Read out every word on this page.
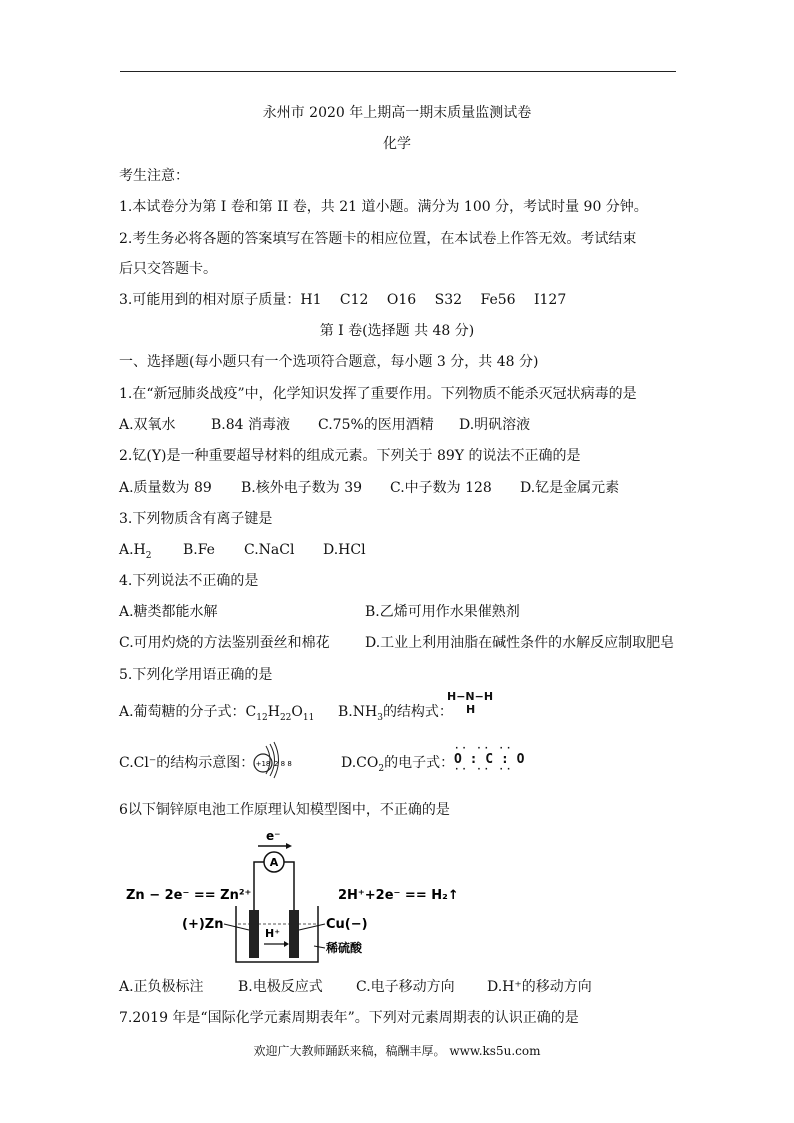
永州市 2020 年上期高一期末质量监测试卷
化学
考生注意：
1.本试卷分为第 I 卷和第 II 卷，共 21 道小题。满分为 100 分，考试时量 90 分钟。
2.考生务必将各题的答案填写在答题卡的相应位置，在本试卷上作答无效。考试结束
后只交答题卡。
3.可能用到的相对原子质量：H1　 C12　 O16　 S32　 Fe56　 I127
第 I 卷(选择题 共 48 分)
一、选择题(每小题只有一个选项符合题意，每小题 3 分，共 48 分)
1.在“新冠肺炎战疫”中，化学知识发挥了重要作用。下列物质不能杀灭冠状病毒的是
A.双氧水	B.84 消毒液 C.75%的医用酒精 D.明矾溶液
2.钇(Y)是一种重要超导材料的组成元素。下列关于 89Y 的说法不正确的是
A.质量数为 89 B.核外电子数为 39 C.中子数为 128 D.钇是金属元素
3.下列物质含有离子键是
$A.H_2$ B.Fe C.NaCl D.HCl
4.下列说法不正确的是
A.糖类都能水解	B.乙烯可用作水果催熟剂
C.可用灼烧的方法鉴别蚕丝和棉花	D.工业上利用油脂在碱性条件的水解反应制取肥皂
5.下列化学用语正确的是
A.葡萄糖的分子式：$C_{12}H_{22}O_{11}$ $B.NH_3$的结构式：
H−N−H
H
C.Cl⁻的结构示意图： +18 2 8 8	$D.CO_2$的电子式：
·· ·· ··
O : C : O
·· ·· ··
6以下铜锌原电池工作原理认知模型图中，不正确的是
e⁻
A
Zn − 2e⁻ == Zn²⁺	2H⁺+2e⁻ == H₂↑
H⁺
(+)Zn	Cu(−)
稀硫酸
A.正负极标注 B.电极反应式 C.电子移动方向 D.H⁺的移动方向
7.2019 年是“国际化学元素周期表年”。下列对元素周期表的认识正确的是
欢迎广大教师踊跃来稿，稿酬丰厚。 www.ks5u.com
